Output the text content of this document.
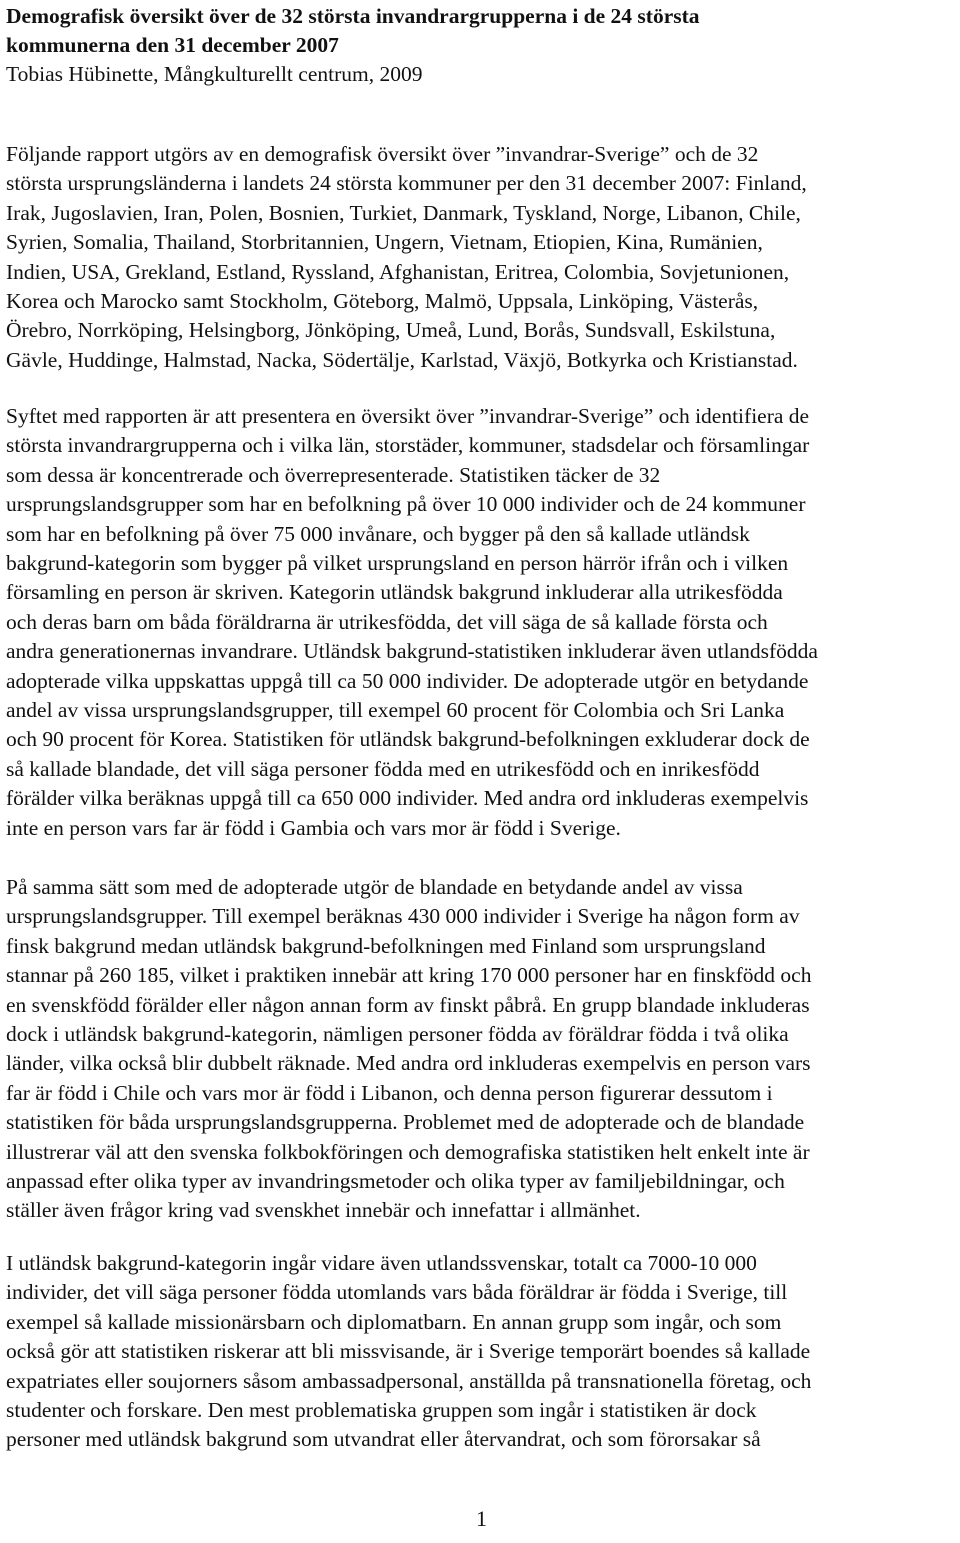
Demografisk översikt över de 32 största invandrargrupperna i de 24 största
kommunerna den 31 december 2007
Tobias Hübinette, Mångkulturellt centrum, 2009
Följande rapport utgörs av en demografisk översikt över ”invandrar-Sverige” och de 32
största ursprungsländerna i landets 24 största kommuner per den 31 december 2007: Finland,
Irak, Jugoslavien, Iran, Polen, Bosnien, Turkiet, Danmark, Tyskland, Norge, Libanon, Chile,
Syrien, Somalia, Thailand, Storbritannien, Ungern, Vietnam, Etiopien, Kina, Rumänien,
Indien, USA, Grekland, Estland, Ryssland, Afghanistan, Eritrea, Colombia, Sovjetunionen,
Korea och Marocko samt Stockholm, Göteborg, Malmö, Uppsala, Linköping, Västerås,
Örebro, Norrköping, Helsingborg, Jönköping, Umeå, Lund, Borås, Sundsvall, Eskilstuna,
Gävle, Huddinge, Halmstad, Nacka, Södertälje, Karlstad, Växjö, Botkyrka och Kristianstad.
Syftet med rapporten är att presentera en översikt över ”invandrar-Sverige” och identifiera de
största invandrargrupperna och i vilka län, storstäder, kommuner, stadsdelar och församlingar
som dessa är koncentrerade och överrepresenterade. Statistiken täcker de 32
ursprungslandsgrupper som har en befolkning på över 10 000 individer och de 24 kommuner
som har en befolkning på över 75 000 invånare, och bygger på den så kallade utländsk
bakgrund-kategorin som bygger på vilket ursprungsland en person härrör ifrån och i vilken
församling en person är skriven. Kategorin utländsk bakgrund inkluderar alla utrikesfödda
och deras barn om båda föräldrarna är utrikesfödda, det vill säga de så kallade första och
andra generationernas invandrare. Utländsk bakgrund-statistiken inkluderar även utlandsfödda
adopterade vilka uppskattas uppgå till ca 50 000 individer. De adopterade utgör en betydande
andel av vissa ursprungslandsgrupper, till exempel 60 procent för Colombia och Sri Lanka
och 90 procent för Korea. Statistiken för utländsk bakgrund-befolkningen exkluderar dock de
så kallade blandade, det vill säga personer födda med en utrikesfödd och en inrikesfödd
förälder vilka beräknas uppgå till ca 650 000 individer. Med andra ord inkluderas exempelvis
inte en person vars far är född i Gambia och vars mor är född i Sverige.
På samma sätt som med de adopterade utgör de blandade en betydande andel av vissa
ursprungslandsgrupper. Till exempel beräknas 430 000 individer i Sverige ha någon form av
finsk bakgrund medan utländsk bakgrund-befolkningen med Finland som ursprungsland
stannar på 260 185, vilket i praktiken innebär att kring 170 000 personer har en finskfödd och
en svenskfödd förälder eller någon annan form av finskt påbrå. En grupp blandade inkluderas
dock i utländsk bakgrund-kategorin, nämligen personer födda av föräldrar födda i två olika
länder, vilka också blir dubbelt räknade. Med andra ord inkluderas exempelvis en person vars
far är född i Chile och vars mor är född i Libanon, och denna person figurerar dessutom i
statistiken för båda ursprungslandsgrupperna. Problemet med de adopterade och de blandade
illustrerar väl att den svenska folkbokföringen och demografiska statistiken helt enkelt inte är
anpassad efter olika typer av invandringsmetoder och olika typer av familjebildningar, och
ställer även frågor kring vad svenskhet innebär och innefattar i allmänhet.
I utländsk bakgrund-kategorin ingår vidare även utlandssvenskar, totalt ca 7000-10 000
individer, det vill säga personer födda utomlands vars båda föräldrar är födda i Sverige, till
exempel så kallade missionärsbarn och diplomatbarn. En annan grupp som ingår, och som
också gör att statistiken riskerar att bli missvisande, är i Sverige temporärt boendes så kallade
expatriates eller soujorners såsom ambassadpersonal, anställda på transnationella företag, och
studenter och forskare. Den mest problematiska gruppen som ingår i statistiken är dock
personer med utländsk bakgrund som utvandrat eller återvandrat, och som förorsakar så
1
